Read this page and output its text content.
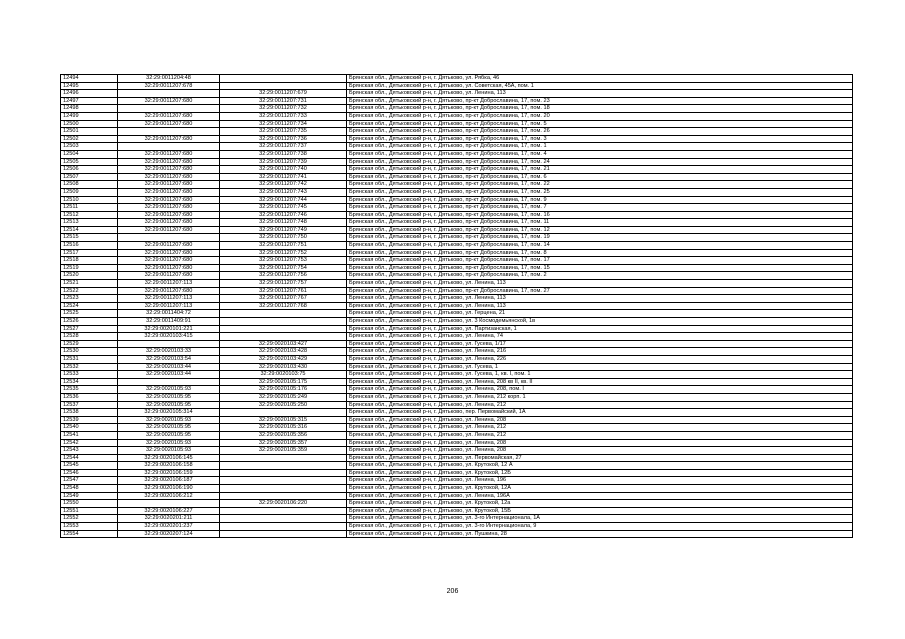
12494	32:29:0011204:48		Брянская обл., Дятьковский р-н, г. Дятьково, ул. Рябка, 46
12495	32:29:0011207:678		Брянская обл., Дятьковский р-н, г. Дятьково, ул. Советская, 45А, пом. 1
12496		32:29:0011207:679	Брянская обл., Дятьковский р-н, г. Дятьково, ул. Ленина, 113
12497	32:29:0011207:680	32:29:0011207:731	Брянская обл., Дятьковский р-н, г. Дятьково, пр-кт Доброславина, 17, пом. 23
12498		32:29:0011207:732	Брянская обл., Дятьковский р-н, г. Дятьково, пр-кт Доброславина, 17, пом. 18
12499	32:29:0011207:680	32:29:0011207:733	Брянская обл., Дятьковский р-н, г. Дятьково, пр-кт Доброславина, 17, пом. 20
12500	32:29:0011207:680	32:29:0011207:734	Брянская обл., Дятьковский р-н, г. Дятьково, пр-кт Доброславина, 17, пом. 5
12501		32:29:0011207:735	Брянская обл., Дятьковский р-н, г. Дятьково, пр-кт Доброславина, 17, пом. 26
12502	32:29:0011207:680	32:29:0011207:736	Брянская обл., Дятьковский р-н, г. Дятьково, пр-кт Доброславина, 17, пом. 3
12503		32:29:0011207:737	Брянская обл., Дятьковский р-н, г. Дятьково, пр-кт Доброславина, 17, пом. 1
12504	32:29:0011207:680	32:29:0011207:738	Брянская обл., Дятьковский р-н, г. Дятьково, пр-кт Доброславина, 17, пом. 4
12505	32:29:0011207:680	32:29:0011207:739	Брянская обл., Дятьковский р-н, г. Дятьково, пр-кт Доброславина, 17, пом. 24
12506	32:29:0011207:680	32:29:0011207:740	Брянская обл., Дятьковский р-н, г. Дятьково, пр-кт Доброславина, 17, пом. 21
12507	32:29:0011207:680	32:29:0011207:741	Брянская обл., Дятьковский р-н, г. Дятьково, пр-кт Доброславина, 17, пом. 6
12508	32:29:0011207:680	32:29:0011207:742	Брянская обл., Дятьковский р-н, г. Дятьково, пр-кт Доброславина, 17, пом. 22
12509	32:29:0011207:680	32:29:0011207:743	Брянская обл., Дятьковский р-н, г. Дятьково, пр-кт Доброславина, 17, пом. 25
12510	32:29:0011207:680	32:29:0011207:744	Брянская обл., Дятьковский р-н, г. Дятьково, пр-кт Доброславина, 17, пом. 9
12511	32:29:0011207:680	32:29:0011207:745	Брянская обл., Дятьковский р-н, г. Дятьково, пр-кт Доброславина, 17, пом. 7
12512	32:29:0011207:680	32:29:0011207:746	Брянская обл., Дятьковский р-н, г. Дятьково, пр-кт Доброславина, 17, пом. 16
12513	32:29:0011207:680	32:29:0011207:748	Брянская обл., Дятьковский р-н, г. Дятьково, пр-кт Доброславина, 17, пом. 11
12514	32:29:0011207:680	32:29:0011207:749	Брянская обл., Дятьковский р-н, г. Дятьково, пр-кт Доброславина, 17, пом. 12
12515		32:29:0011207:750	Брянская обл., Дятьковский р-н, г. Дятьково, пр-кт Доброславина, 17, пом. 19
12516	32:29:0011207:680	32:29:0011207:751	Брянская обл., Дятьковский р-н, г. Дятьково, пр-кт Доброславина, 17, пом. 14
12517	32:29:0011207:680	32:29:0011207:752	Брянская обл., Дятьковский р-н, г. Дятьково, пр-кт Доброславина, 17, пом. 8
12518	32:29:0011207:680	32:29:0011207:753	Брянская обл., Дятьковский р-н, г. Дятьково, пр-кт Доброславина, 17, пом. 17
12519	32:29:0011207:680	32:29:0011207:754	Брянская обл., Дятьковский р-н, г. Дятьково, пр-кт Доброславина, 17, пом. 15
12520	32:29:0011207:680	32:29:0011207:756	Брянская обл., Дятьковский р-н, г. Дятьково, пр-кт Доброславина, 17, пом. 2
12521	32:29:0011207:113	32:29:0011207:757	Брянская обл., Дятьковский р-н, г. Дятьково, ул. Ленина, 113
12522	32:29:0011207:680	32:29:0011207:761	Брянская обл., Дятьковский р-н, г. Дятьково, пр-кт Доброславина, 17, пом. 27
12523	32:29:0011207:113	32:29:0011207:767	Брянская обл., Дятьковский р-н, г. Дятьково, ул. Ленина, 113
12524	32:29:0011207:113	32:29:0011207:768	Брянская обл., Дятьковский р-н, г. Дятьково, ул. Ленина, 113
12525	32:29:0011404:72		Брянская обл., Дятьковский р-н, г. Дятьково, ул. Герцена, 21
12526	32:29:0011409:91		Брянская обл., Дятьковский р-н, г. Дятьково, ул. 3 Космодемьянской, 1в
12527	32:29:0020101:221		Брянская обл., Дятьковский р-н, г. Дятьково, ул. Партизанская, 1
12528	32:29:0020103:415		Брянская обл., Дятьковский р-н, г. Дятьково, ул. Ленина, 74
12529		32:29:0020103:427	Брянская обл., Дятьковский р-н, г. Дятьково, ул. Гусева, 1/17
12530	32:29:0020103:33	32:29:0020103:428	Брянская обл., Дятьковский р-н, г. Дятьково, ул. Ленина, 216
12531	32:29:0020103:54	32:29:0020103:429	Брянская обл., Дятьковский р-н, г. Дятьково, ул. Ленина, 226
12532	32:29:0020103:44	32:29:0020103:430	Брянская обл., Дятьковский р-н, г. Дятьково, ул. Гусева, 1
12533	32:29:0020103:44	32:29:0020103:75	Брянская обл., Дятьковский р-н, г. Дятьково, ул. Гусева, 1, кв. I, пом. 1
12534		32:29:0020105:175	Брянская обл., Дятьковский р-н, г. Дятьково, ул. Ленина, 208 кв II, кв. II
12535	32:29:0020105:93	32:29:0020105:176	Брянская обл., Дятьковский р-н, г. Дятьково, ул. Ленина, 208, пом. I
12536	32:29:0020105:95	32:29:0020105:249	Брянская обл., Дятьковский р-н, г. Дятьково, ул. Ленина, 212 корп. 1
12537	32:29:0020105:95	32:29:0020105:250	Брянская обл., Дятьковский р-н, г. Дятьково, ул. Ленина, 212
12538	32:29:0020105:314		Брянская обл., Дятьковский р-н, г. Дятьково, пер. Первомайский, 1А
12539	32:29:0020105:93	32:29:0020105:315	Брянская обл., Дятьковский р-н, г. Дятьково, ул. Ленина, 208
12540	32:29:0020105:95	32:29:0020105:316	Брянская обл., Дятьковский р-н, г. Дятьково, ул. Ленина, 212
12541	32:29:0020105:95	32:29:0020105:356	Брянская обл., Дятьковский р-н, г. Дятьково, ул. Ленина, 212
12542	32:29:0020105:93	32:29:0020105:357	Брянская обл., Дятьковский р-н, г. Дятьково, ул. Ленина, 208
12543	32:29:0020105:93	32:29:0020105:359	Брянская обл., Дятьковский р-н, г. Дятьково, ул. Ленина, 208
12544	32:29:0020106:145		Брянская обл., Дятьковский р-н, г. Дятьково, ул. Первомайская, 27
12545	32:29:0020106:158		Брянская обл., Дятьковский р-н, г. Дятьково, ул. Крутокой, 12 А
12546	32:29:0020106:159		Брянская обл., Дятьковский р-н, г. Дятьково, ул. Крутокой, 12Б
12547	32:29:0020106:187		Брянская обл., Дятьковский р-н, г. Дятьково, ул. Ленина, 196
12548	32:29:0020106:190		Брянская обл., Дятьковский р-н, г. Дятьково, ул. Крутокой, 12А
12549	32:29:0020106:212		Брянская обл., Дятьковский р-н, г. Дятьково, ул. Ленина, 196А
12550		32:29:0020106:220	Брянская обл., Дятьковский р-н, г. Дятьково, ул. Крутокой, 12а
12551	32:29:0020106:227		Брянская обл., Дятьковский р-н, г. Дятьково, ул. Крутокой, 15Б
12552	32:29:0020201:211		Брянская обл., Дятьковский р-н, г. Дятьково, ул. 3-го Интернационала, 1А
12553	32:29:0020201:237		Брянская обл., Дятьковский р-н, г. Дятьково, ул. 3-го Интернационала, 9
12554	32:29:0020207:124		Брянская обл., Дятьковский р-н, г. Дятьково, ул. Пушкина, 28
206
